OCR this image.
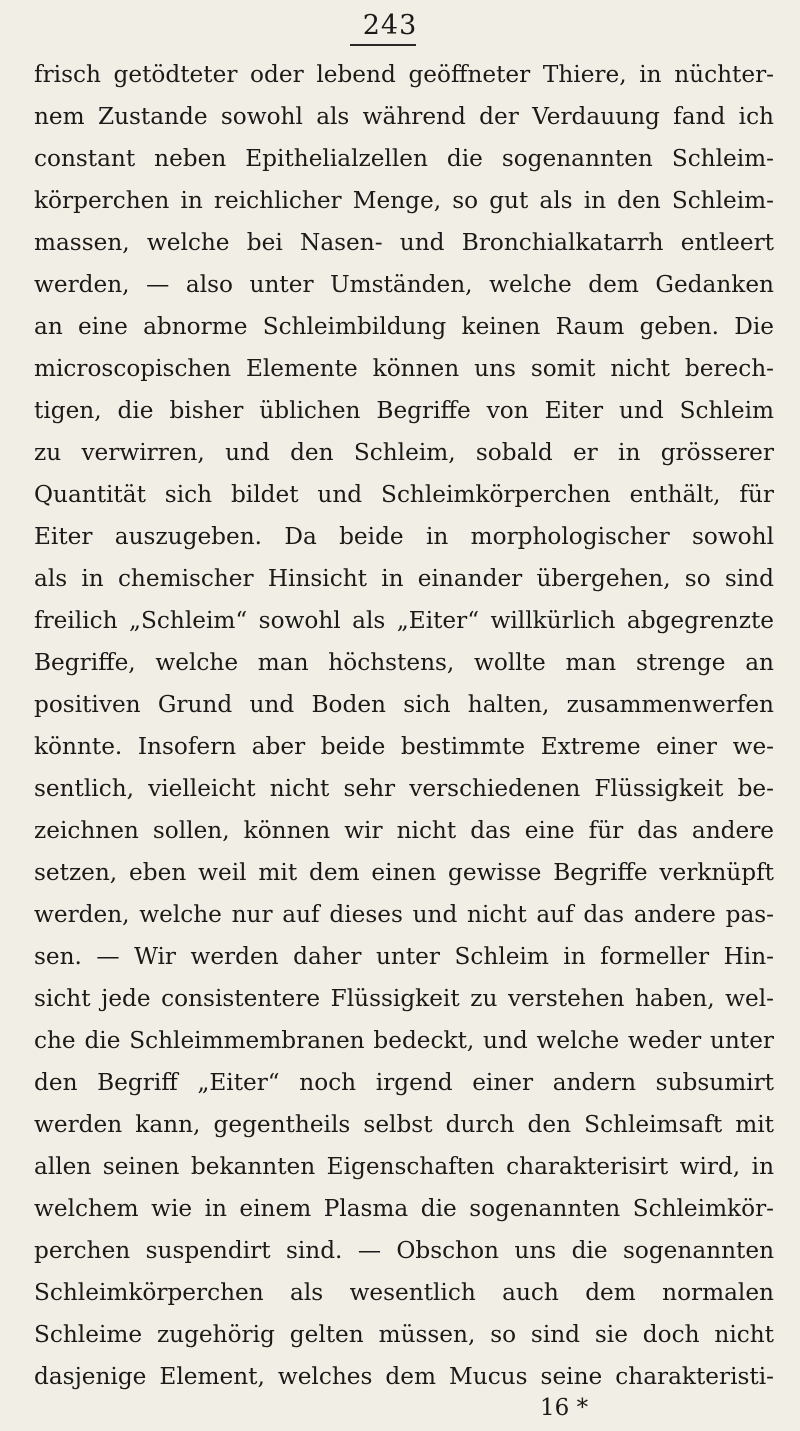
243
frisch getödteter oder lebend geöffneter Thiere, in nüchter-
nem Zustande sowohl als während der Verdauung fand ich
constant neben Epithelialzellen die sogenannten Schleim-
körperchen in reichlicher Menge, so gut als in den Schleim-
massen, welche bei Nasen- und Bronchialkatarrh entleert
werden, — also unter Umständen, welche dem Gedanken
an eine abnorme Schleimbildung keinen Raum geben. Die
microscopischen Elemente können uns somit nicht berech-
tigen, die bisher üblichen Begriffe von Eiter und Schleim
zu verwirren, und den Schleim, sobald er in grösserer
Quantität sich bildet und Schleimkörperchen enthält, für
Eiter auszugeben. Da beide in morphologischer sowohl
als in chemischer Hinsicht in einander übergehen, so sind
freilich „Schleim“ sowohl als „Eiter“ willkürlich abgegrenzte
Begriffe, welche man höchstens, wollte man strenge an
positiven Grund und Boden sich halten, zusammenwerfen
könnte. Insofern aber beide bestimmte Extreme einer we-
sentlich, vielleicht nicht sehr verschiedenen Flüssigkeit be-
zeichnen sollen, können wir nicht das eine für das andere
setzen, eben weil mit dem einen gewisse Begriffe verknüpft
werden, welche nur auf dieses und nicht auf das andere pas-
sen. — Wir werden daher unter Schleim in formeller Hin-
sicht jede consistentere Flüssigkeit zu verstehen haben, wel-
che die Schleimmembranen bedeckt, und welche weder unter
den Begriff „Eiter“ noch irgend einer andern subsumirt
werden kann, gegentheils selbst durch den Schleimsaft mit
allen seinen bekannten Eigenschaften charakterisirt wird, in
welchem wie in einem Plasma die sogenannten Schleimkör-
perchen suspendirt sind. — Obschon uns die sogenannten
Schleimkörperchen als wesentlich auch dem normalen
Schleime zugehörig gelten müssen, so sind sie doch nicht
dasjenige Element, welches dem Mucus seine charakteristi-
16 *
